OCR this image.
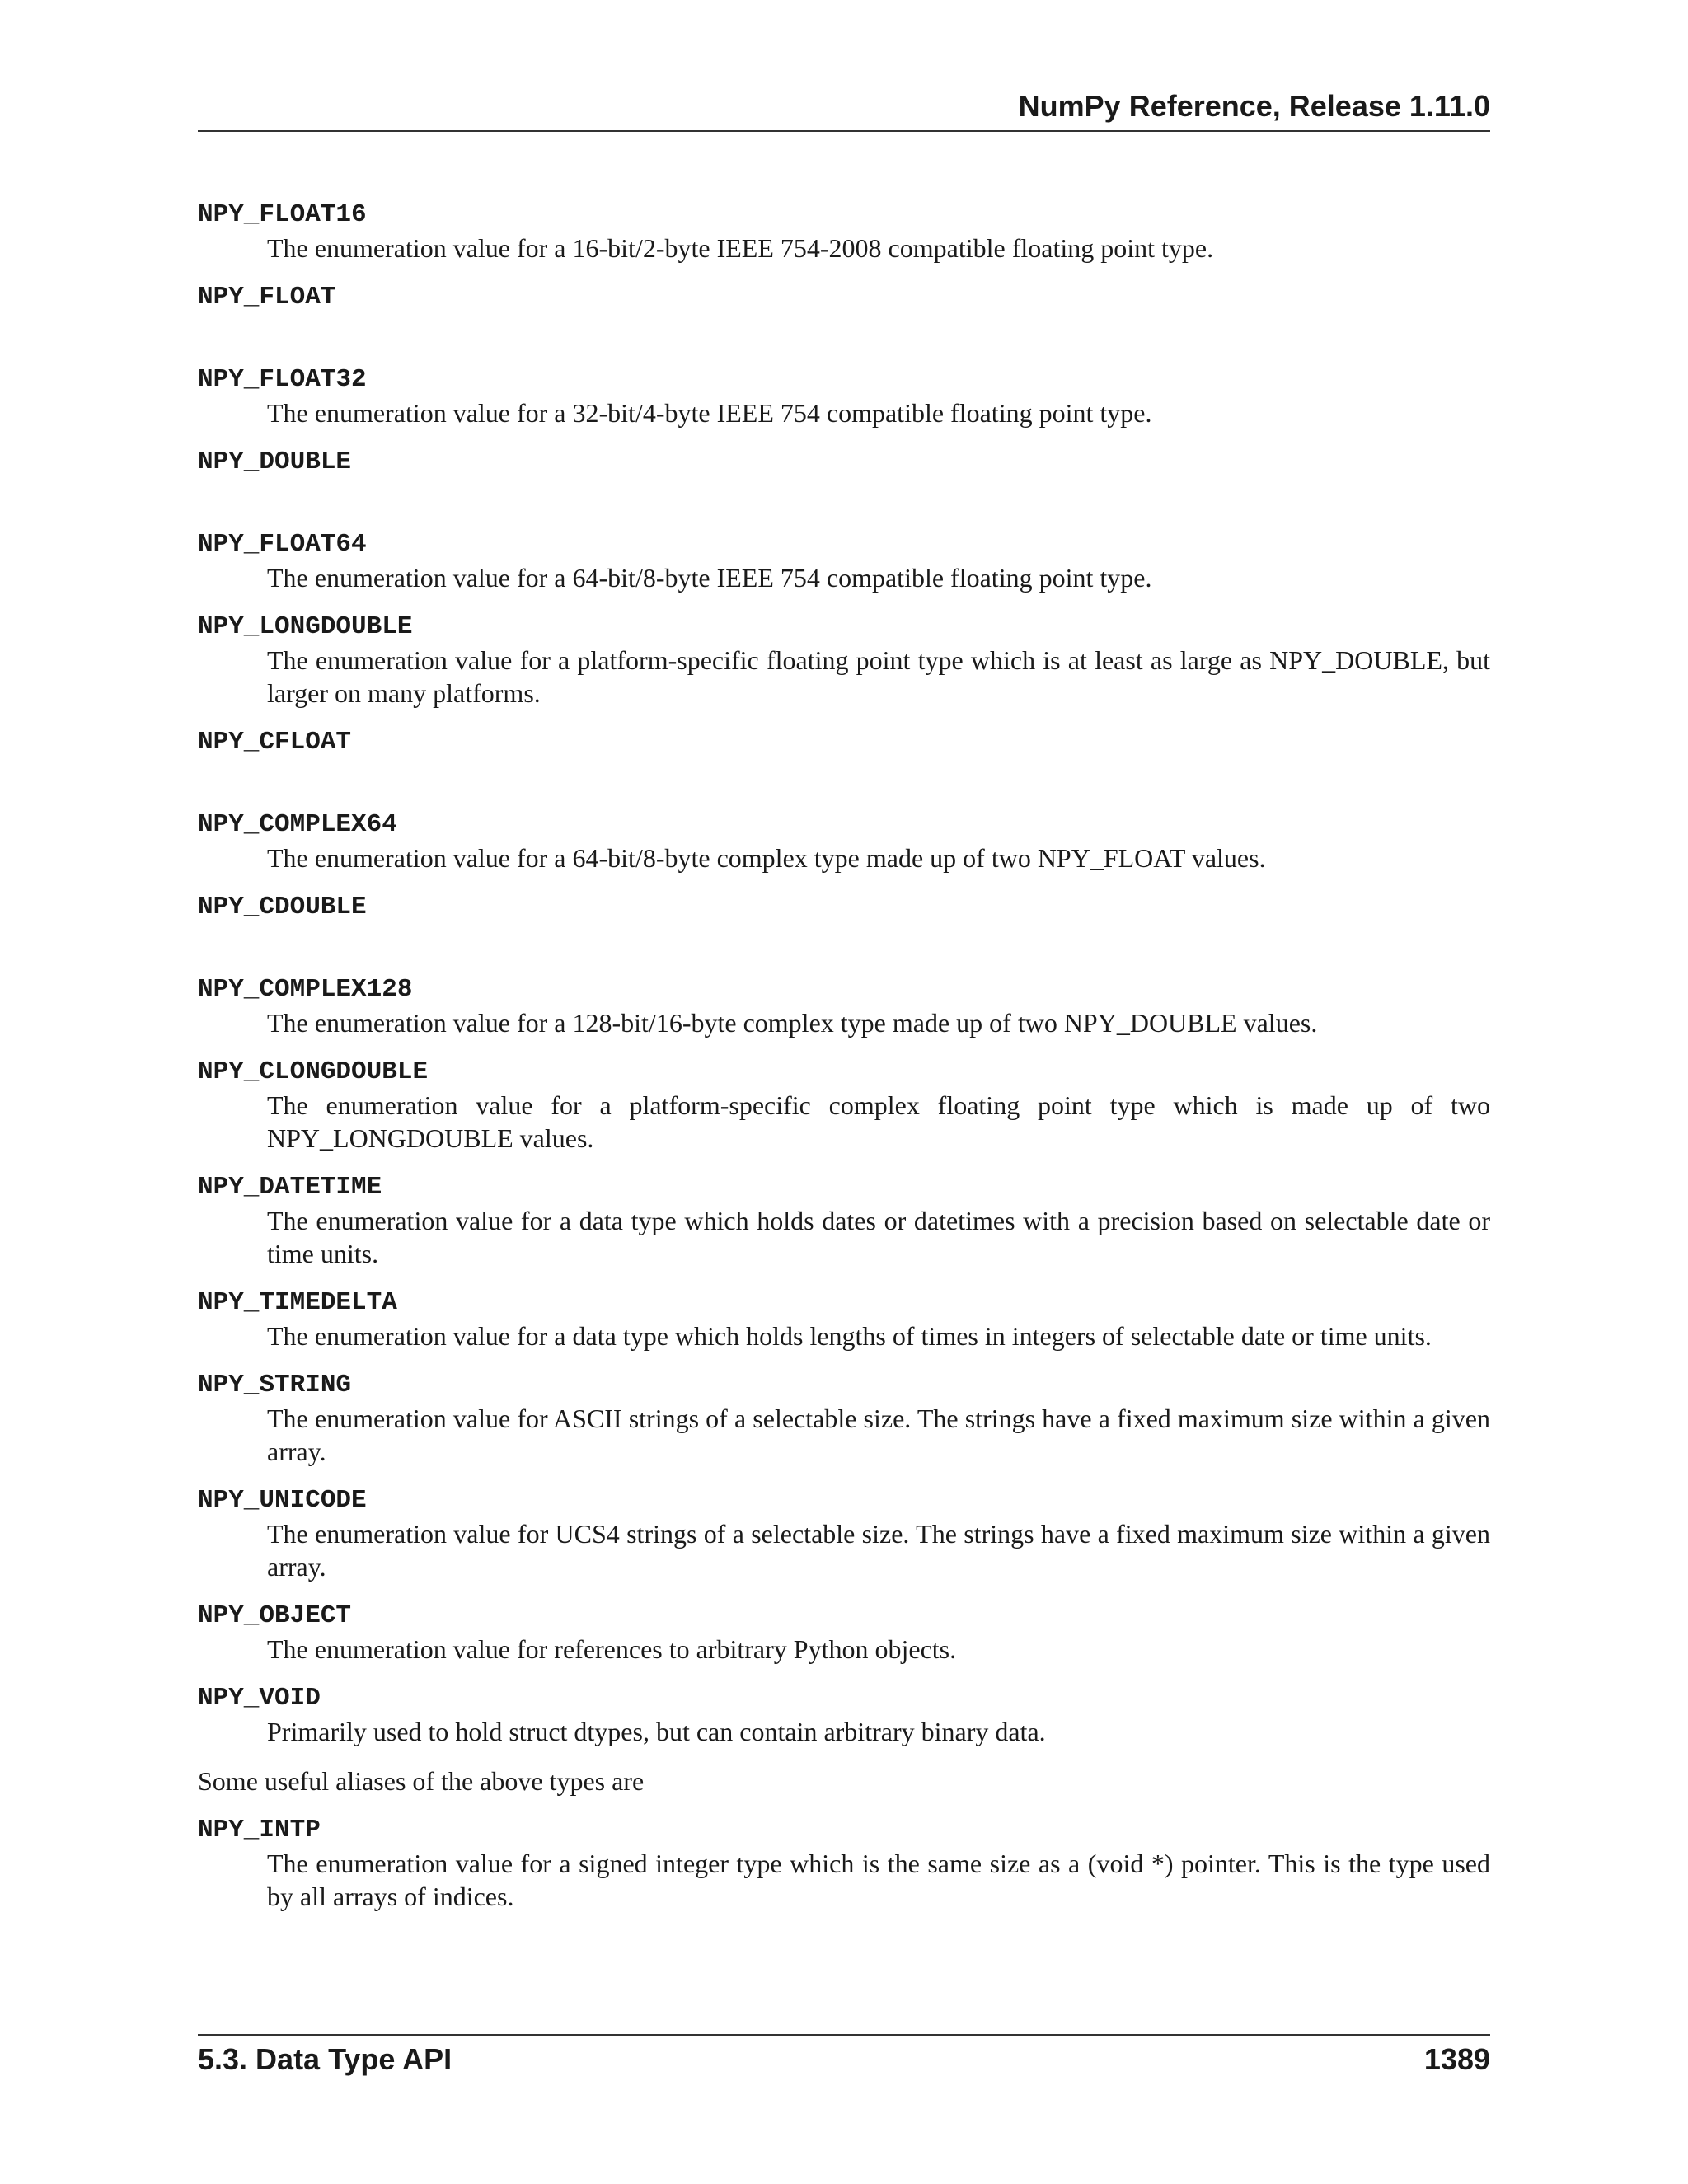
NumPy Reference, Release 1.11.0
NPY_FLOAT16
The enumeration value for a 16-bit/2-byte IEEE 754-2008 compatible floating point type.
NPY_FLOAT
NPY_FLOAT32
The enumeration value for a 32-bit/4-byte IEEE 754 compatible floating point type.
NPY_DOUBLE
NPY_FLOAT64
The enumeration value for a 64-bit/8-byte IEEE 754 compatible floating point type.
NPY_LONGDOUBLE
The enumeration value for a platform-specific floating point type which is at least as large as NPY_DOUBLE, but larger on many platforms.
NPY_CFLOAT
NPY_COMPLEX64
The enumeration value for a 64-bit/8-byte complex type made up of two NPY_FLOAT values.
NPY_CDOUBLE
NPY_COMPLEX128
The enumeration value for a 128-bit/16-byte complex type made up of two NPY_DOUBLE values.
NPY_CLONGDOUBLE
The enumeration value for a platform-specific complex floating point type which is made up of two NPY_LONGDOUBLE values.
NPY_DATETIME
The enumeration value for a data type which holds dates or datetimes with a precision based on selectable date or time units.
NPY_TIMEDELTA
The enumeration value for a data type which holds lengths of times in integers of selectable date or time units.
NPY_STRING
The enumeration value for ASCII strings of a selectable size. The strings have a fixed maximum size within a given array.
NPY_UNICODE
The enumeration value for UCS4 strings of a selectable size. The strings have a fixed maximum size within a given array.
NPY_OBJECT
The enumeration value for references to arbitrary Python objects.
NPY_VOID
Primarily used to hold struct dtypes, but can contain arbitrary binary data.
Some useful aliases of the above types are
NPY_INTP
The enumeration value for a signed integer type which is the same size as a (void *) pointer. This is the type used by all arrays of indices.
5.3. Data Type API	1389
